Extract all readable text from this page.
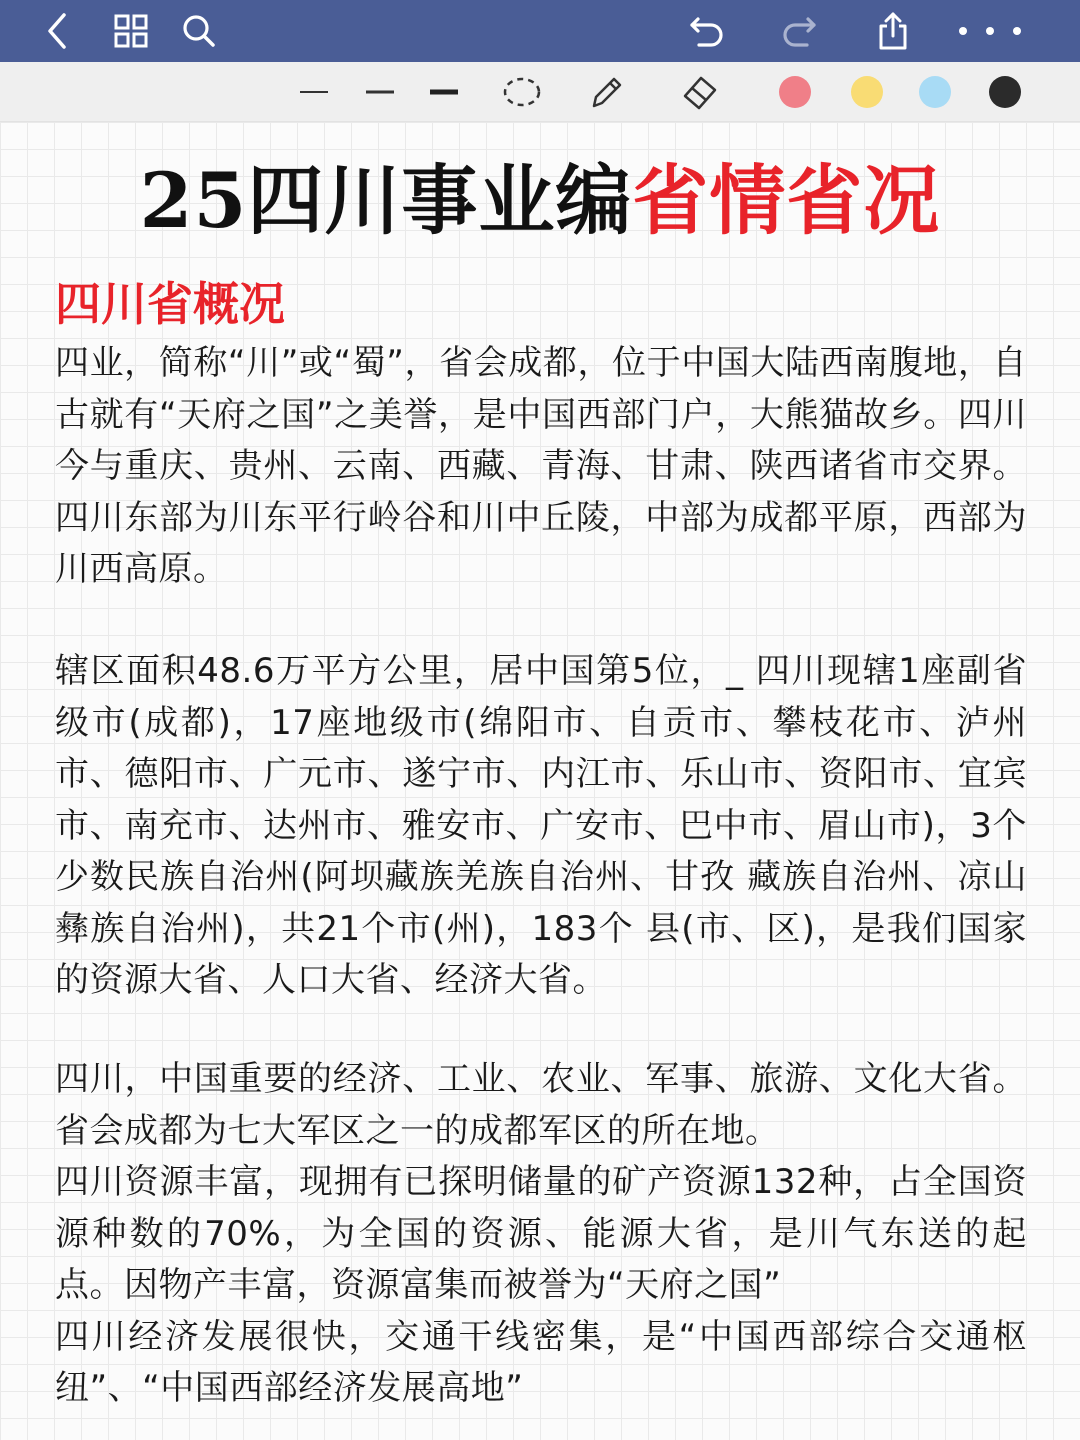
25四川事业编省情省况
四川省概况
四业，简称“川”或“蜀”，省会成都，位于中国大陆西南腹地，自古就有“天府之国”之美誉，是中国西部门户，大熊猫故乡。四川今与重庆、贵州、云南、西藏、青海、甘肃、陕西诸省市交界。四川东部为川东平行岭谷和川中丘陵，中部为成都平原，西部为川西高原。
辖区面积48.6万平方公里，居中国第5位，_ 四川现辖1座副省级市(成都)，17座地级市(绵阳市、自贡市、攀枝花市、泸州市、德阳市、广元市、遂宁市、内江市、乐山市、资阳市、宜宾市、南充市、达州市、雅安市、广安市、巴中市、眉山市)，3个少数民族自治州(阿坝藏族羌族自治州、甘孜 藏族自治州、凉山彝族自治州)，共21个市(州)，183个 县(市、区)，是我们国家的资源大省、人口大省、经济大省。
四川，中国重要的经济、工业、农业、军事、旅游、文化大省。省会成都为七大军区之一的成都军区的所在地。
四川资源丰富，现拥有已探明储量的矿产资源132种，占全国资源种数的70%，为全国的资源、能源大省，是川气东送的起点。因物产丰富，资源富集而被誉为“天府之国”
四川经济发展很快，交通干线密集，是“中国西部综合交通枢纽”、“中国西部经济发展高地”
